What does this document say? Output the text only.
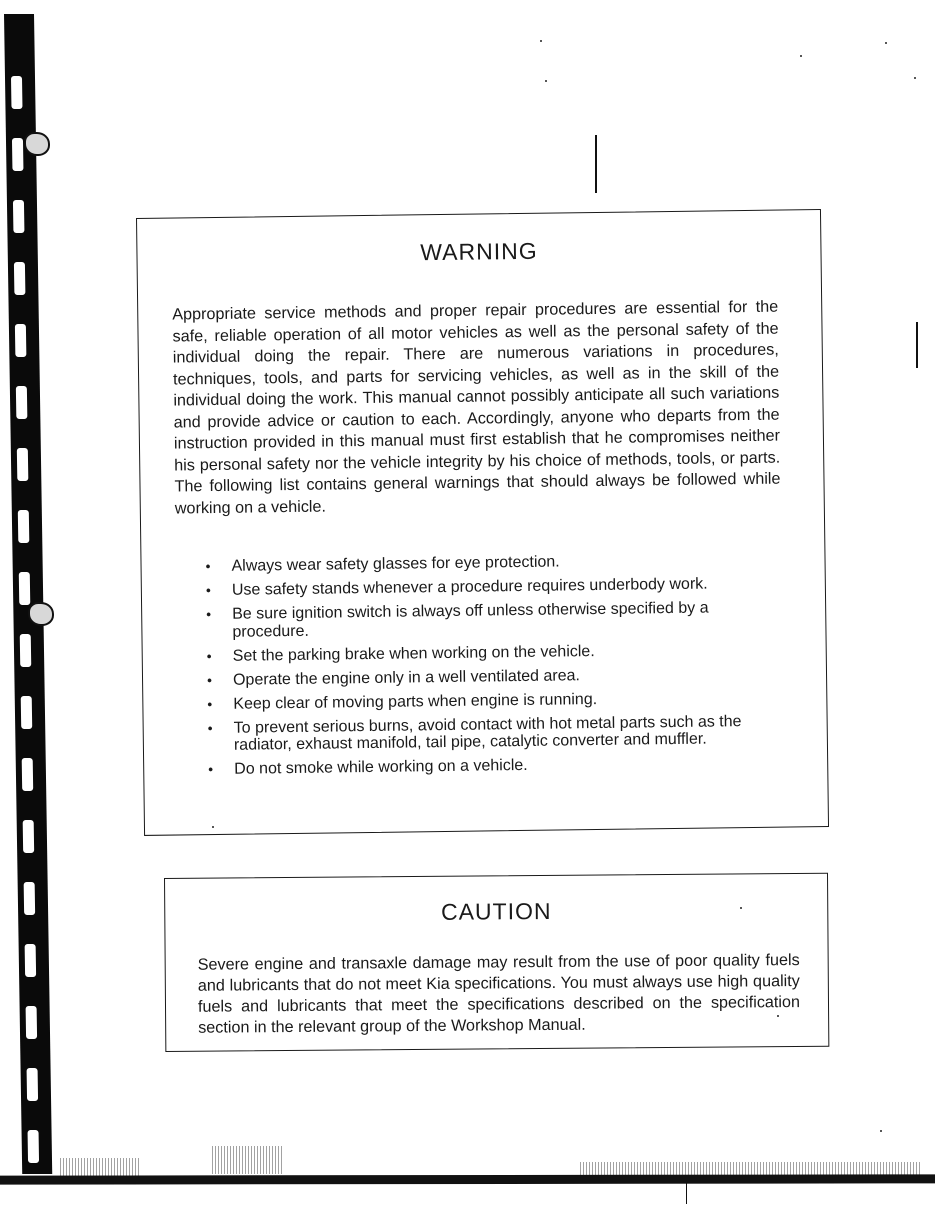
WARNING
Appropriate service methods and proper repair procedures are essential for the safe, reliable operation of all motor vehicles as well as the personal safety of the individual doing the repair. There are numerous variations in procedures, techniques, tools, and parts for servicing vehicles, as well as in the skill of the individual doing the work. This manual cannot possibly anticipate all such variations and provide advice or caution to each. Accordingly, anyone who departs from the instruction provided in this manual must first establish that he compromises neither his personal safety nor the vehicle integrity by his choice of methods, tools, or parts. The following list contains general warnings that should always be followed while working on a vehicle.
• Always wear safety glasses for eye protection.
• Use safety stands whenever a procedure requires underbody work.
• Be sure ignition switch is always off unless otherwise specified by a procedure.
• Set the parking brake when working on the vehicle.
• Operate the engine only in a well ventilated area.
• Keep clear of moving parts when engine is running.
• To prevent serious burns, avoid contact with hot metal parts such as the radiator, exhaust manifold, tail pipe, catalytic converter and muffler.
• Do not smoke while working on a vehicle.
CAUTION
Severe engine and transaxle damage may result from the use of poor quality fuels and lubricants that do not meet Kia specifications. You must always use high quality fuels and lubricants that meet the specifications described on the specification section in the relevant group of the Workshop Manual.
